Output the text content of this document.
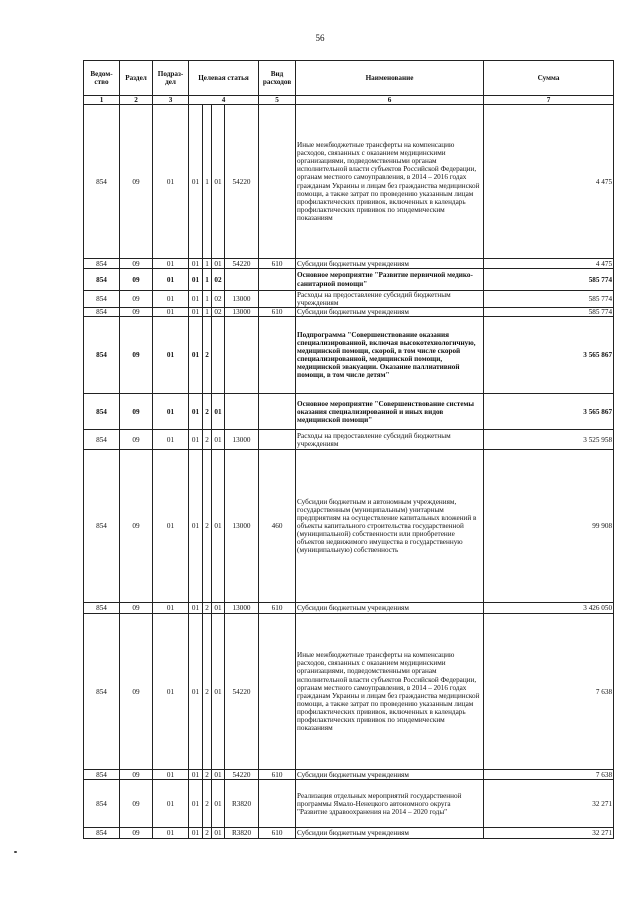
56
Ведом-ство	Раздел	Подраз-дел	Целевая статья				Вид расходов	Наименование	Сумма
1	2	3	4				5	6	7
854	09	01	01	1	01	54220		Иные межбюджетные трансферты на компенсацию расходов, связанных с оказанием медицинскими организациями, подведомственными органам исполнительной власти субъектов Российской Федерации, органам местного самоуправления, в 2014 – 2016 годах гражданам Украины и лицам без гражданства медицинской помощи, а также затрат по проведению указанным лицам профилактических прививок, включенных в календарь профилактических прививок по эпидемическим показаниям	4 475
854	09	01	01	1	01	54220	610	Субсидии бюджетным учреждениям	4 475
854	09	01	01	1	02			Основное мероприятие "Развитие первичной медико-санитарной помощи"	585 774
854	09	01	01	1	02	13000		Расходы на предоставление субсидий бюджетным учреждениям	585 774
854	09	01	01	1	02	13000	610	Субсидии бюджетным учреждениям	585 774
854	09	01	01	2				Подпрограмма "Совершенствование оказания специализированной, включая высокотехнологичную, медицинской помощи, скорой, в том числе скорой специализированной, медицинской помощи, медицинской эвакуации. Оказание паллиативной помощи, в том числе детям"	3 565 867
854	09	01	01	2	01			Основное мероприятие "Совершенствование системы оказания специализированной и иных видов медицинской помощи"	3 565 867
854	09	01	01	2	01	13000		Расходы на предоставление субсидий бюджетным учреждениям	3 525 958
854	09	01	01	2	01	13000	460	Субсидии бюджетным и автономным учреждениям, государственным (муниципальным) унитарным предприятиям на осуществление капитальных вложений в объекты капитального строительства государственной (муниципальной) собственности или приобретение объектов недвижимого имущества в государственную (муниципальную) собственность	99 908
854	09	01	01	2	01	13000	610	Субсидии бюджетным учреждениям	3 426 050
854	09	01	01	2	01	54220		Иные межбюджетные трансферты на компенсацию расходов, связанных с оказанием медицинскими организациями, подведомственными органам исполнительной власти субъектов Российской Федерации, органам местного самоуправления, в 2014 – 2016 годах гражданам Украины и лицам без гражданства медицинской помощи, а также затрат по проведению указанным лицам профилактических прививок, включенных в календарь профилактических прививок по эпидемическим показаниям	7 638
854	09	01	01	2	01	54220	610	Субсидии бюджетным учреждениям	7 638
854	09	01	01	2	01	R3820		Реализация отдельных мероприятий государственной программы Ямало-Ненецкого автономного округа "Развитие здравоохранения на 2014 – 2020 годы"	32 271
854	09	01	01	2	01	R3820	610	Субсидии бюджетным учреждениям	32 271
